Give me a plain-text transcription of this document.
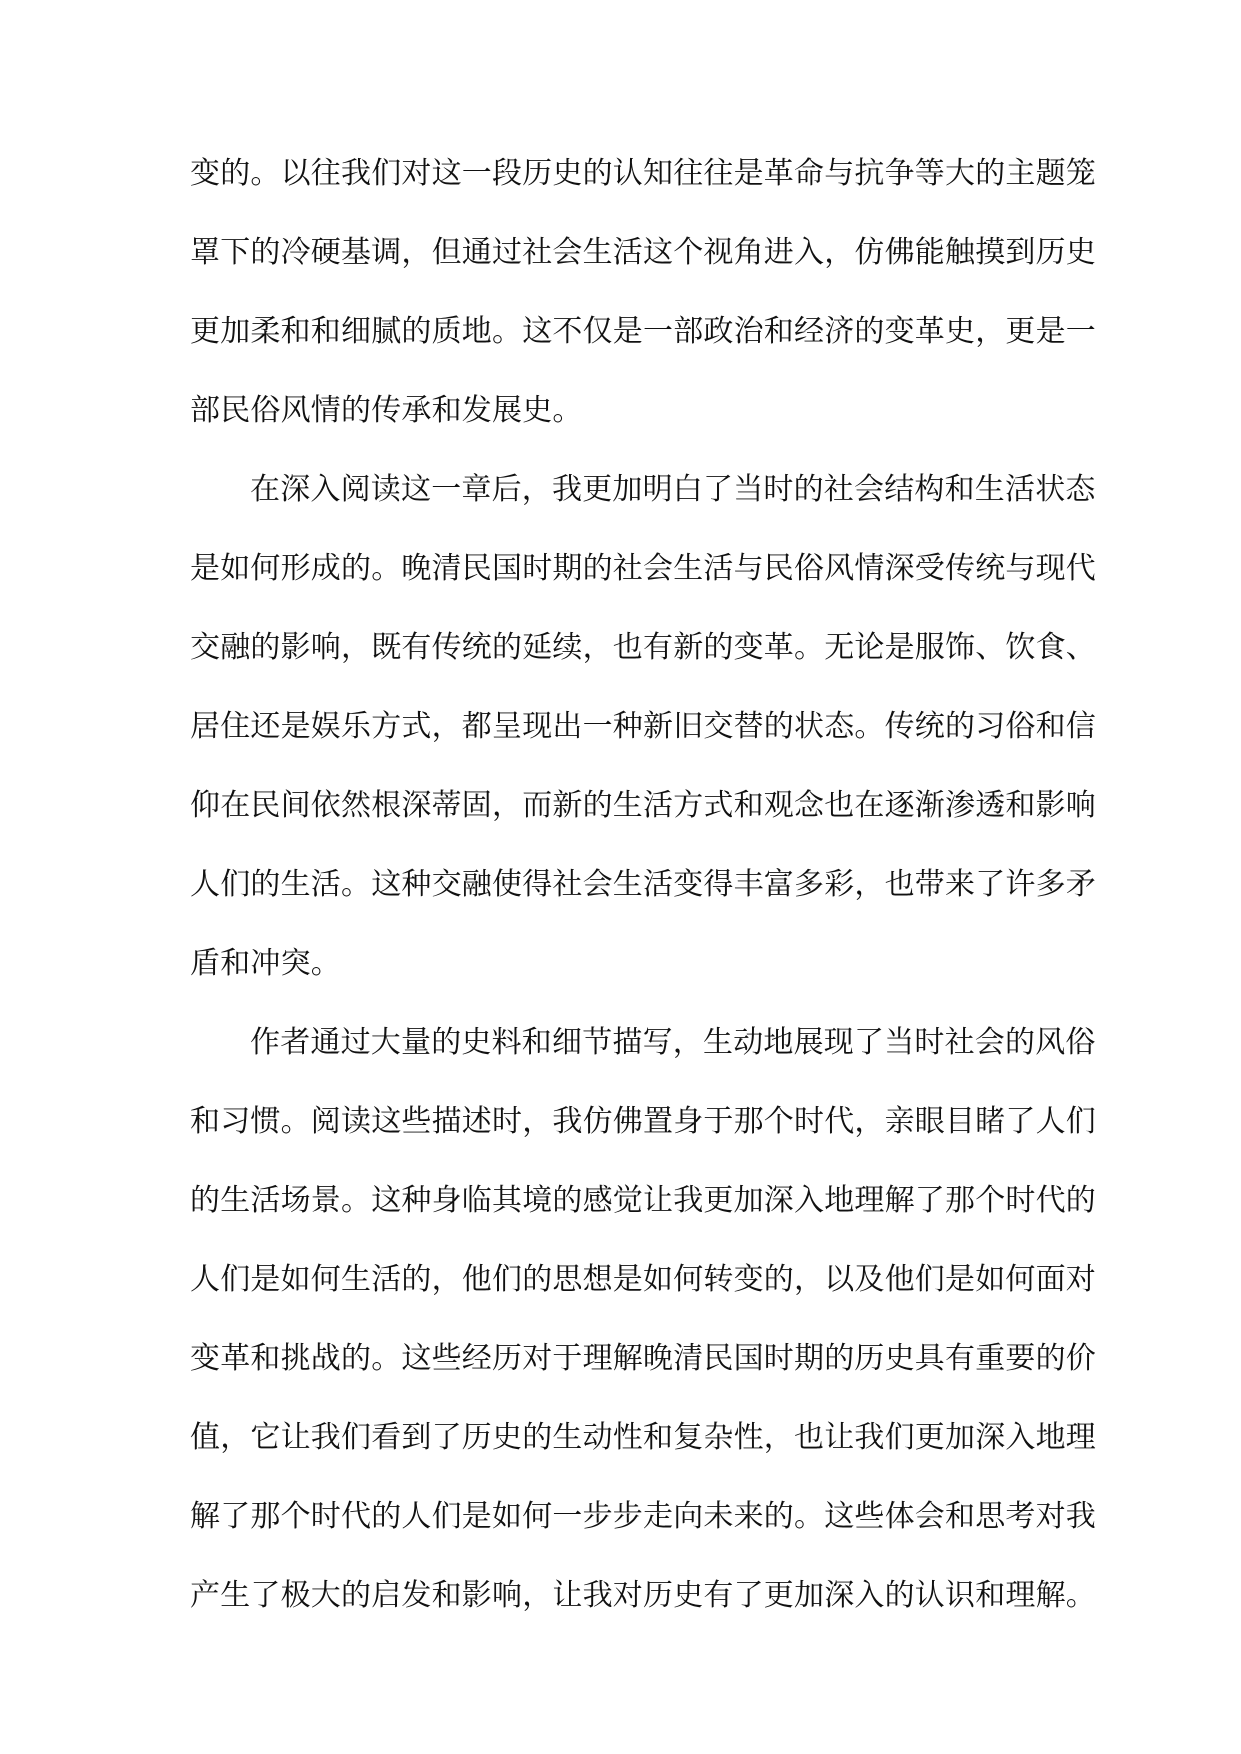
变的。以往我们对这一段历史的认知往往是革命与抗争等大的主题笼
罩下的冷硬基调，但通过社会生活这个视角进入，仿佛能触摸到历史
更加柔和和细腻的质地。这不仅是一部政治和经济的变革史，更是一
部民俗风情的传承和发展史。
在深入阅读这一章后，我更加明白了当时的社会结构和生活状态
是如何形成的。晚清民国时期的社会生活与民俗风情深受传统与现代
交融的影响，既有传统的延续，也有新的变革。无论是服饰、饮食、
居住还是娱乐方式，都呈现出一种新旧交替的状态。传统的习俗和信
仰在民间依然根深蒂固，而新的生活方式和观念也在逐渐渗透和影响
人们的生活。这种交融使得社会生活变得丰富多彩，也带来了许多矛
盾和冲突。
作者通过大量的史料和细节描写，生动地展现了当时社会的风俗
和习惯。阅读这些描述时，我仿佛置身于那个时代，亲眼目睹了人们
的生活场景。这种身临其境的感觉让我更加深入地理解了那个时代的
人们是如何生活的，他们的思想是如何转变的，以及他们是如何面对
变革和挑战的。这些经历对于理解晚清民国时期的历史具有重要的价
值，它让我们看到了历史的生动性和复杂性，也让我们更加深入地理
解了那个时代的人们是如何一步步走向未来的。这些体会和思考对我
产生了极大的启发和影响，让我对历史有了更加深入的认识和理解。
